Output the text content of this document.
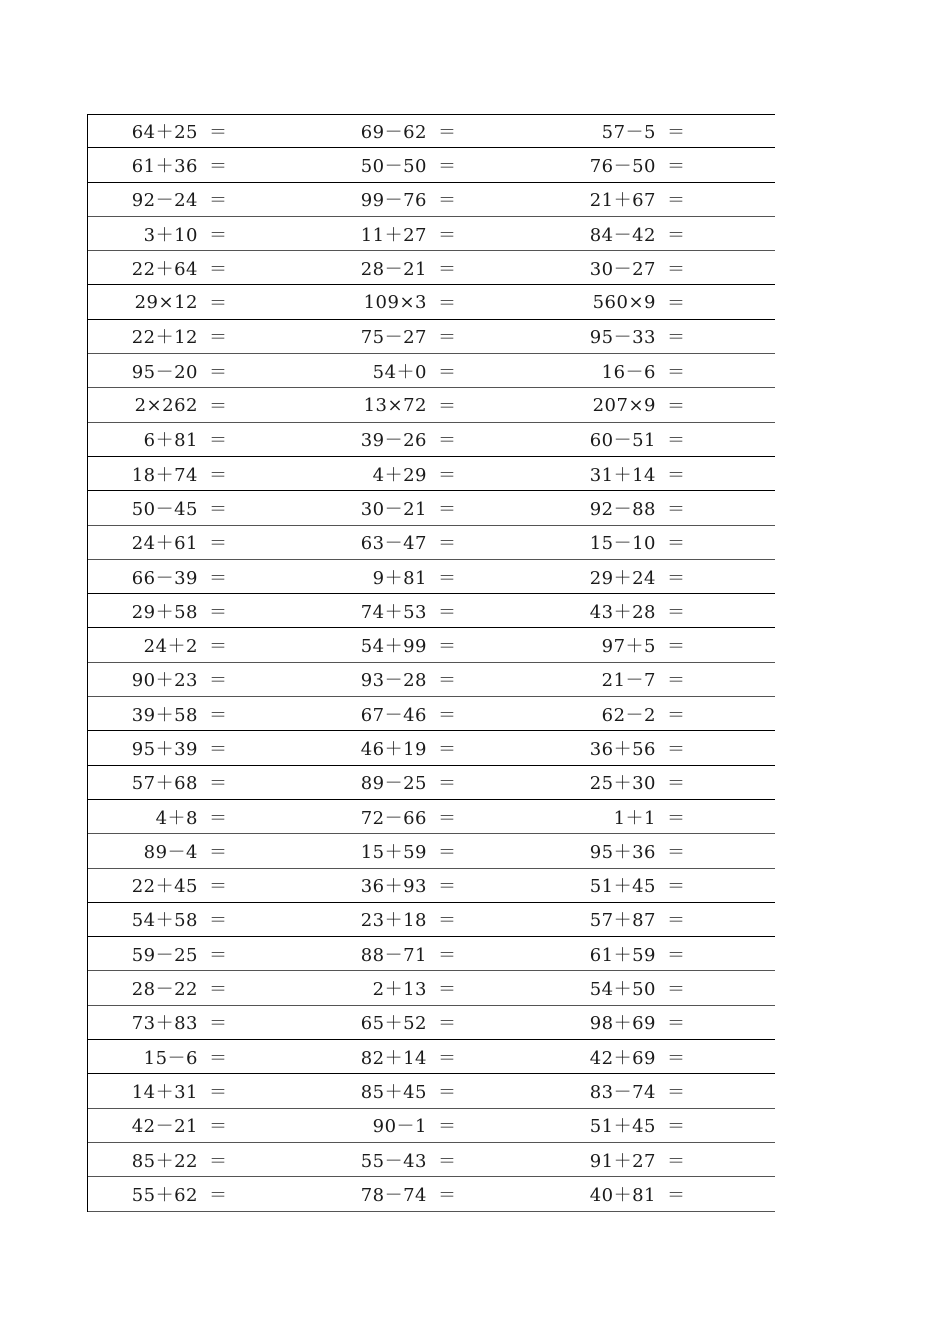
64＋25 ＝	69－62 ＝	57－5 ＝
61＋36 ＝	50－50 ＝	76－50 ＝
92－24 ＝	99－76 ＝	21＋67 ＝
3＋10 ＝	11＋27 ＝	84－42 ＝
22＋64 ＝	28－21 ＝	30－27 ＝
29×12 ＝	109×3 ＝	560×9 ＝
22＋12 ＝	75－27 ＝	95－33 ＝
95－20 ＝	54＋0 ＝	16－6 ＝
2×262 ＝	13×72 ＝	207×9 ＝
6＋81 ＝	39－26 ＝	60－51 ＝
18＋74 ＝	4＋29 ＝	31＋14 ＝
50－45 ＝	30－21 ＝	92－88 ＝
24＋61 ＝	63－47 ＝	15－10 ＝
66－39 ＝	9＋81 ＝	29＋24 ＝
29＋58 ＝	74＋53 ＝	43＋28 ＝
24＋2 ＝	54＋99 ＝	97＋5 ＝
90＋23 ＝	93－28 ＝	21－7 ＝
39＋58 ＝	67－46 ＝	62－2 ＝
95＋39 ＝	46＋19 ＝	36＋56 ＝
57＋68 ＝	89－25 ＝	25＋30 ＝
4＋8 ＝	72－66 ＝	1＋1 ＝
89－4 ＝	15＋59 ＝	95＋36 ＝
22＋45 ＝	36＋93 ＝	51＋45 ＝
54＋58 ＝	23＋18 ＝	57＋87 ＝
59－25 ＝	88－71 ＝	61＋59 ＝
28－22 ＝	2＋13 ＝	54＋50 ＝
73＋83 ＝	65＋52 ＝	98＋69 ＝
15－6 ＝	82＋14 ＝	42＋69 ＝
14＋31 ＝	85＋45 ＝	83－74 ＝
42－21 ＝	90－1 ＝	51＋45 ＝
85＋22 ＝	55－43 ＝	91＋27 ＝
55＋62 ＝	78－74 ＝	40＋81 ＝
